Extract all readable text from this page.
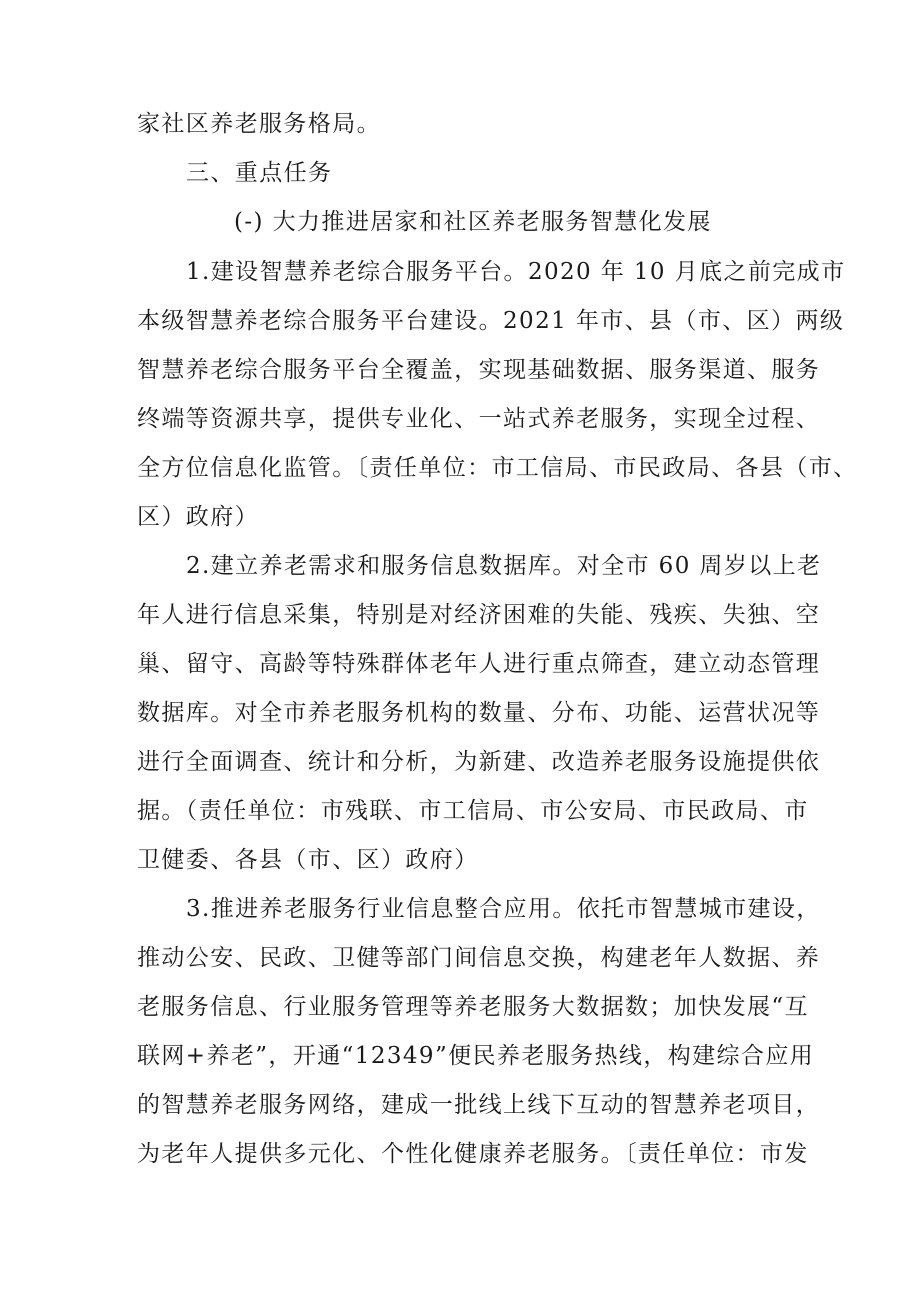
家社区养老服务格局。
三、重点任务
(-) 大力推进居家和社区养老服务智慧化发展
1.建设智慧养老综合服务平台。2020 年 10 月底之前完成市
本级智慧养老综合服务平台建设。2021 年市、县（市、区）两级
智慧养老综合服务平台全覆盖，实现基础数据、服务渠道、服务
终端等资源共享，提供专业化、一站式养老服务，实现全过程、
全方位信息化监管。〔责任单位：市工信局、市民政局、各县（市、
区）政府）
2.建立养老需求和服务信息数据库。对全市 60 周岁以上老
年人进行信息采集，特别是对经济困难的失能、残疾、失独、空
巢、留守、高龄等特殊群体老年人进行重点筛查，建立动态管理
数据库。对全市养老服务机构的数量、分布、功能、运营状况等
进行全面调查、统计和分析，为新建、改造养老服务设施提供依
据。（责任单位：市残联、市工信局、市公安局、市民政局、市
卫健委、各县（市、区）政府）
3.推进养老服务行业信息整合应用。依托市智慧城市建设，
推动公安、民政、卫健等部门间信息交换，构建老年人数据、养
老服务信息、行业服务管理等养老服务大数据数；加快发展“互
联网+养老”，开通“12349”便民养老服务热线，构建综合应用
的智慧养老服务网络，建成一批线上线下互动的智慧养老项目，
为老年人提供多元化、个性化健康养老服务。〔责任单位：市发
